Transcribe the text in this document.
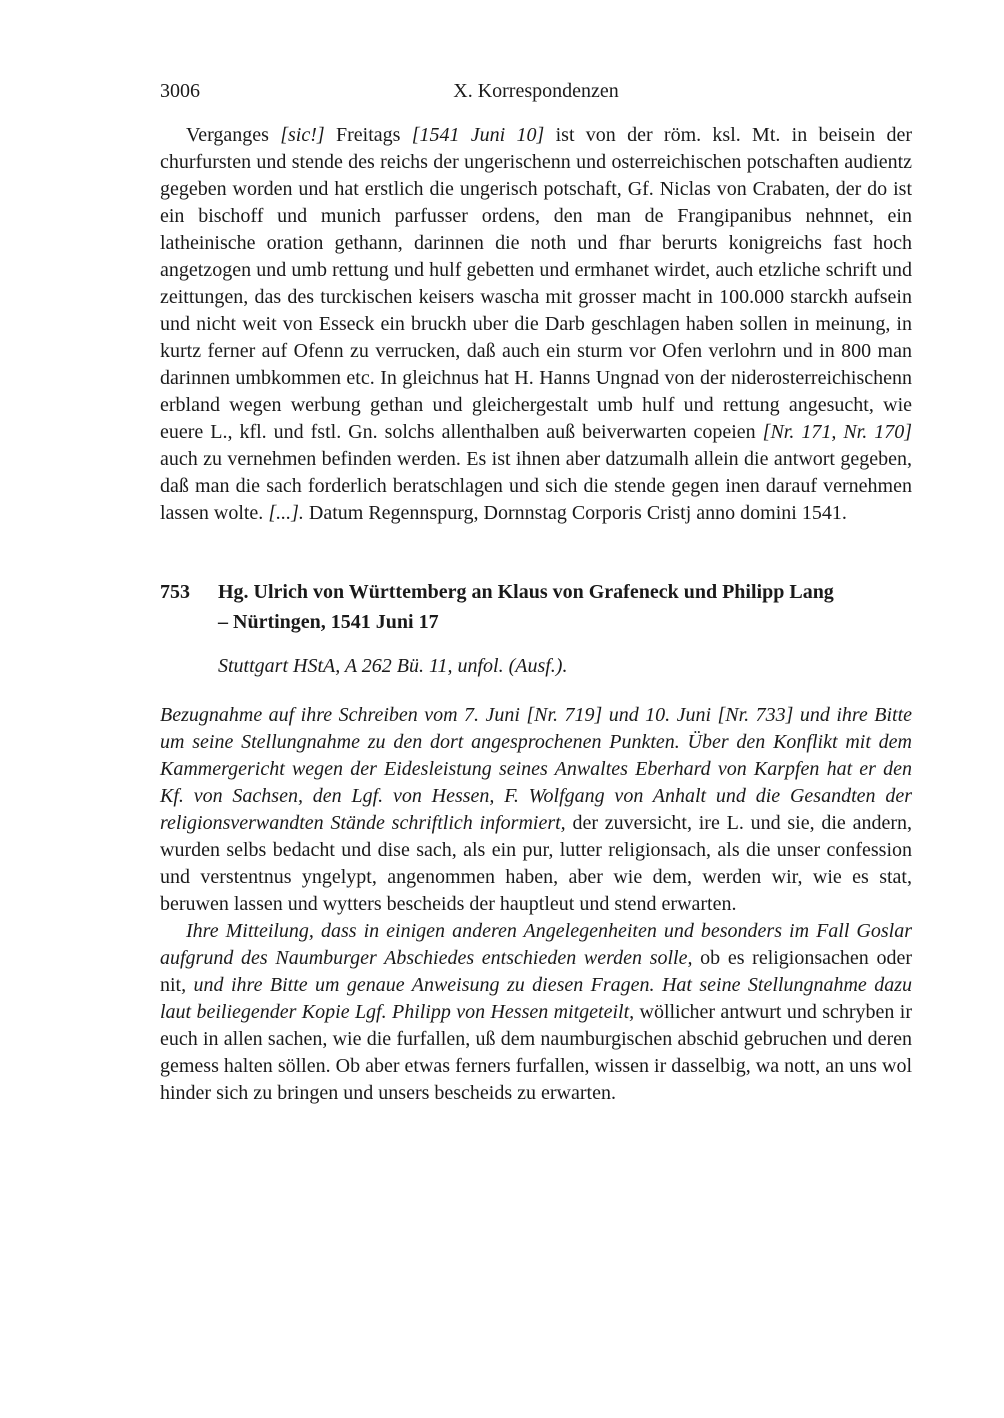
3006	X. Korrespondenzen

Verganges [sic!] Freitags [1541 Juni 10] ist von der röm. ksl. Mt. in beisein der churfursten und stende des reichs der ungerischenn und osterreichischen potschaften audientz gegeben worden und hat erstlich die ungerisch potschaft, Gf. Niclas von Crabaten, der do ist ein bischoff und munich parfusser ordens, den man de Frangipanibus nehnnet, ein latheinische oration gethann, darinnen die noth und fhar berurts konigreichs fast hoch angetzogen und umb rettung und hulf gebetten und ermhanet wirdet, auch etzliche schrift und zeittungen, das des turckischen keisers wascha mit grosser macht in 100.000 starckh aufsein und nicht weit von Esseck ein bruckh uber die Darb geschlagen haben sollen in meinung, in kurtz ferner auf Ofenn zu verrucken, daß auch ein sturm vor Ofen verlohrn und in 800 man darinnen umbkommen etc. In gleichnus hat H. Hanns Ungnad von der niderosterreichischenn erbland wegen werbung gethan und gleichergestalt umb hulf und rettung angesucht, wie euere L., kfl. und fstl. Gn. solchs allenthalben auß beiverwarten copeien [Nr. 171, Nr. 170] auch zu vernehmen befinden werden. Es ist ihnen aber datzumalh allein die antwort gegeben, daß man die sach forderlich beratschlagen und sich die stende gegen inen darauf vernehmen lassen wolte. [...]. Datum Regennspurg, Dornnstag Corporis Cristj anno domini 1541.

753	Hg. Ulrich von Württemberg an Klaus von Grafeneck und Philipp Lang
– Nürtingen, 1541 Juni 17

Stuttgart HStA, A 262 Bü. 11, unfol. (Ausf.).

Bezugnahme auf ihre Schreiben vom 7. Juni [Nr. 719] und 10. Juni [Nr. 733] und ihre Bitte um seine Stellungnahme zu den dort angesprochenen Punkten. Über den Konflikt mit dem Kammergericht wegen der Eidesleistung seines Anwaltes Eberhard von Karpfen hat er den Kf. von Sachsen, den Lgf. von Hessen, F. Wolfgang von Anhalt und die Gesandten der religionsverwandten Stände schriftlich informiert, der zuversicht, ire L. und sie, die andern, wurden selbs bedacht und dise sach, als ein pur, lutter religionsach, als die unser confession und verstentnus yngelypt, angenommen haben, aber wie dem, werden wir, wie es stat, beruwen lassen und wytters bescheids der hauptleut und stend erwarten.

Ihre Mitteilung, dass in einigen anderen Angelegenheiten und besonders im Fall Goslar aufgrund des Naumburger Abschiedes entschieden werden solle, ob es religionsachen oder nit, und ihre Bitte um genaue Anweisung zu diesen Fragen. Hat seine Stellungnahme dazu laut beiliegender Kopie Lgf. Philipp von Hessen mitgeteilt, wöllicher antwurt und schryben ir euch in allen sachen, wie die furfallen, uß dem naumburgischen abschid gebruchen und deren gemess halten söllen. Ob aber etwas ferners furfallen, wissen ir dasselbig, wa nott, an uns wol hinder sich zu bringen und unsers bescheids zu erwarten.
